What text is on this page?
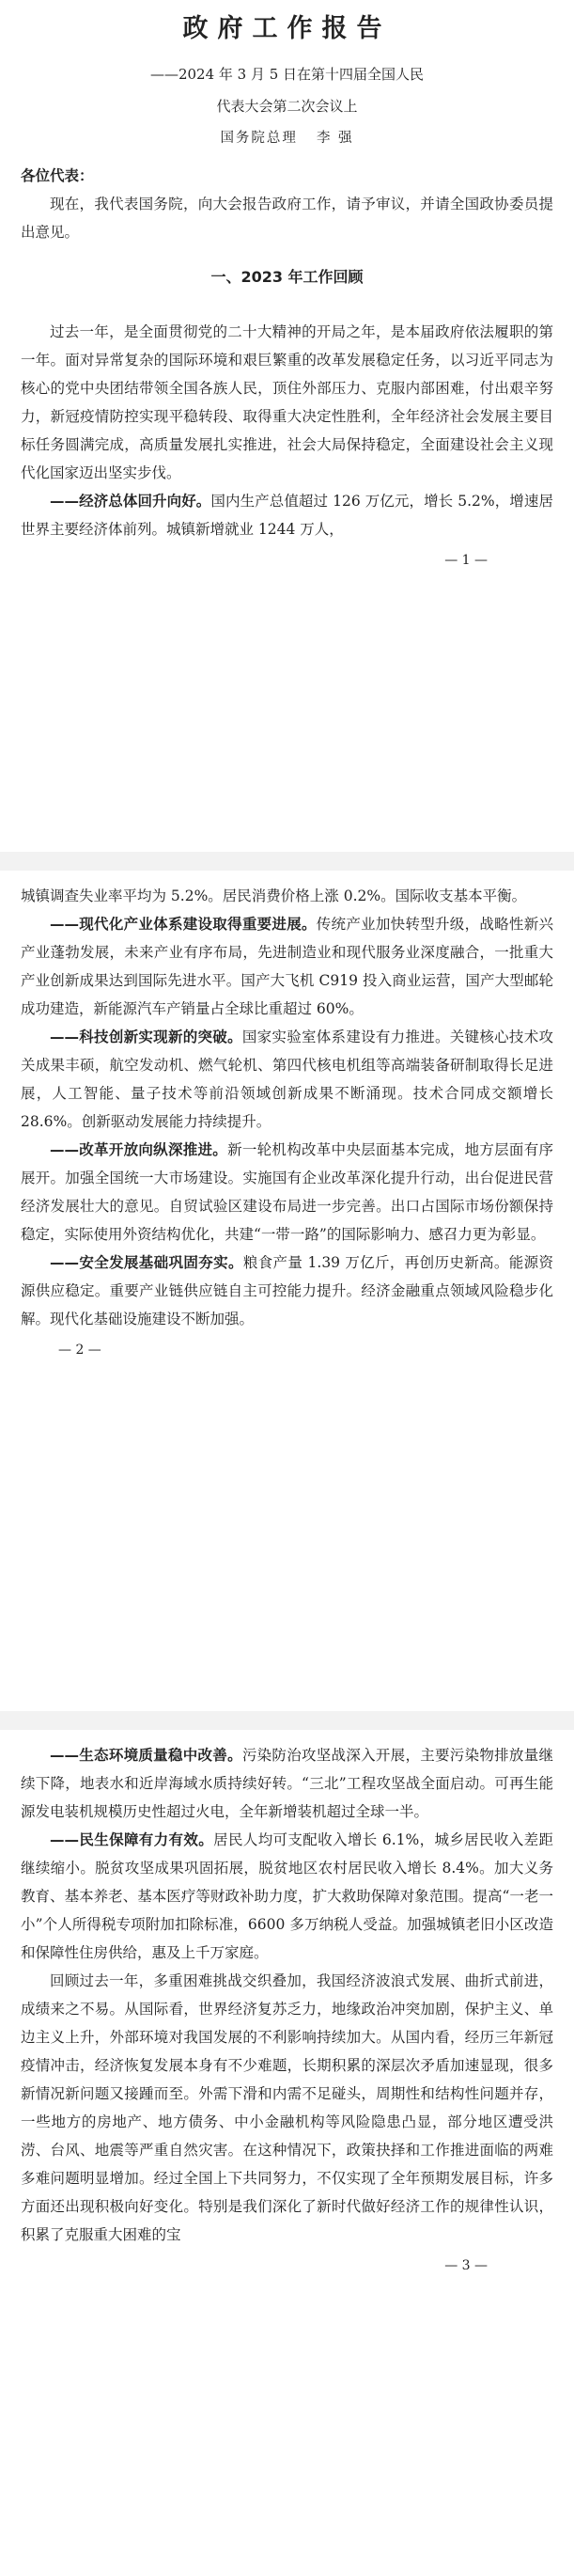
政府工作报告

——2024 年 3 月 5 日在第十四届全国人民

代表大会第二次会议上

国务院总理 李 强

各位代表：

现在，我代表国务院，向大会报告政府工作，请予审议，并请全国政协委员提出意见。

一、2023 年工作回顾

过去一年，是全面贯彻党的二十大精神的开局之年，是本届政府依法履职的第一年。面对异常复杂的国际环境和艰巨繁重的改革发展稳定任务，以习近平同志为核心的党中央团结带领全国各族人民，顶住外部压力、克服内部困难，付出艰辛努力，新冠疫情防控实现平稳转段、取得重大决定性胜利，全年经济社会发展主要目标任务圆满完成，高质量发展扎实推进，社会大局保持稳定，全面建设社会主义现代化国家迈出坚实步伐。

——经济总体回升向好。国内生产总值超过 126 万亿元，增长 5.2%，增速居世界主要经济体前列。城镇新增就业 1244 万人，

— 1 —

城镇调查失业率平均为 5.2%。居民消费价格上涨 0.2%。国际收支基本平衡。

——现代化产业体系建设取得重要进展。传统产业加快转型升级，战略性新兴产业蓬勃发展，未来产业有序布局，先进制造业和现代服务业深度融合，一批重大产业创新成果达到国际先进水平。国产大飞机 C919 投入商业运营，国产大型邮轮成功建造，新能源汽车产销量占全球比重超过 60%。

——科技创新实现新的突破。国家实验室体系建设有力推进。关键核心技术攻关成果丰硕，航空发动机、燃气轮机、第四代核电机组等高端装备研制取得长足进展，人工智能、量子技术等前沿领域创新成果不断涌现。技术合同成交额增长 28.6%。创新驱动发展能力持续提升。

——改革开放向纵深推进。新一轮机构改革中央层面基本完成，地方层面有序展开。加强全国统一大市场建设。实施国有企业改革深化提升行动，出台促进民营经济发展壮大的意见。自贸试验区建设布局进一步完善。出口占国际市场份额保持稳定，实际使用外资结构优化，共建“一带一路”的国际影响力、感召力更为彰显。

——安全发展基础巩固夯实。粮食产量 1.39 万亿斤，再创历史新高。能源资源供应稳定。重要产业链供应链自主可控能力提升。经济金融重点领域风险稳步化解。现代化基础设施建设不断加强。

— 2 —

——生态环境质量稳中改善。污染防治攻坚战深入开展，主要污染物排放量继续下降，地表水和近岸海域水质持续好转。“三北”工程攻坚战全面启动。可再生能源发电装机规模历史性超过火电，全年新增装机超过全球一半。

——民生保障有力有效。居民人均可支配收入增长 6.1%，城乡居民收入差距继续缩小。脱贫攻坚成果巩固拓展，脱贫地区农村居民收入增长 8.4%。加大义务教育、基本养老、基本医疗等财政补助力度，扩大救助保障对象范围。提高“一老一小”个人所得税专项附加扣除标准，6600 多万纳税人受益。加强城镇老旧小区改造和保障性住房供给，惠及上千万家庭。

回顾过去一年，多重困难挑战交织叠加，我国经济波浪式发展、曲折式前进，成绩来之不易。从国际看，世界经济复苏乏力，地缘政治冲突加剧，保护主义、单边主义上升，外部环境对我国发展的不利影响持续加大。从国内看，经历三年新冠疫情冲击，经济恢复发展本身有不少难题，长期积累的深层次矛盾加速显现，很多新情况新问题又接踵而至。外需下滑和内需不足碰头，周期性和结构性问题并存，一些地方的房地产、地方债务、中小金融机构等风险隐患凸显，部分地区遭受洪涝、台风、地震等严重自然灾害。在这种情况下，政策抉择和工作推进面临的两难多难问题明显增加。经过全国上下共同努力，不仅实现了全年预期发展目标，许多方面还出现积极向好变化。特别是我们深化了新时代做好经济工作的规律性认识，积累了克服重大困难的宝

— 3 —
